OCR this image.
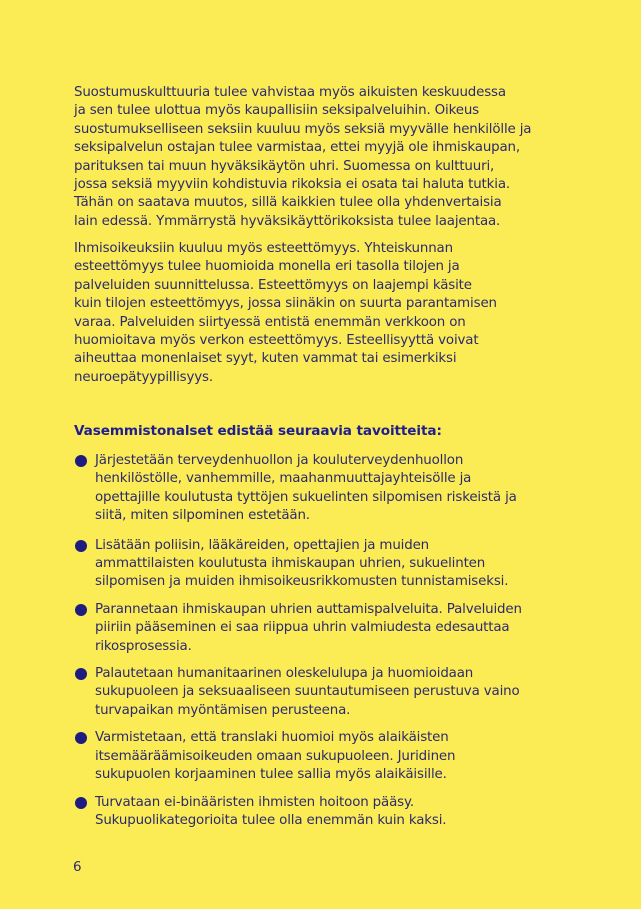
Suostumuskulttuuria tulee vahvistaa myös aikuisten keskuudessa
ja sen tulee ulottua myös kaupallisiin seksipalveluihin. Oikeus
suostumukselliseen seksiin kuuluu myös seksiä myyvälle henkilölle ja
seksipalvelun ostajan tulee varmistaa, ettei myyjä ole ihmiskaupan,
parituksen tai muun hyväksikäytön uhri. Suomessa on kulttuuri,
jossa seksiä myyviin kohdistuvia rikoksia ei osata tai haluta tutkia.
Tähän on saatava muutos, sillä kaikkien tulee olla yhdenvertaisia
lain edessä. Ymmärrystä hyväksikäyttörikoksista tulee laajentaa.
Ihmisoikeuksiin kuuluu myös esteettömyys. Yhteiskunnan
esteettömyys tulee huomioida monella eri tasolla tilojen ja
palveluiden suunnittelussa. Esteettömyys on laajempi käsite
kuin tilojen esteettömyys, jossa siinäkin on suurta parantamisen
varaa. Palveluiden siirtyessä entistä enemmän verkkoon on
huomioitava myös verkon esteettömyys. Esteellisyyttä voivat
aiheuttaa monenlaiset syyt, kuten vammat tai esimerkiksi
neuroepätyypillisyys.

Vasemmistonalset edistää seuraavia tavoitteita:

Järjestetään terveydenhuollon ja kouluterveydenhuollon
henkilöstölle, vanhemmille, maahanmuuttajayhteisölle ja
opettajille koulutusta tyttöjen sukuelinten silpomisen riskeistä ja
siitä, miten silpominen estetään.
Lisätään poliisin, lääkäreiden, opettajien ja muiden
ammattilaisten koulutusta ihmiskaupan uhrien, sukuelinten
silpomisen ja muiden ihmisoikeusrikkomusten tunnistamiseksi.
Parannetaan ihmiskaupan uhrien auttamispalveluita. Palveluiden
piiriin pääseminen ei saa riippua uhrin valmiudesta edesauttaa
rikosprosessia.
Palautetaan humanitaarinen oleskelulupa ja huomioidaan
sukupuoleen ja seksuaaliseen suuntautumiseen perustuva vaino
turvapaikan myöntämisen perusteena.
Varmistetaan, että translaki huomioi myös alaikäisten
itsemääräämisoikeuden omaan sukupuoleen. Juridinen
sukupuolen korjaaminen tulee sallia myös alaikäisille.
Turvataan ei-binääristen ihmisten hoitoon pääsy.
Sukupuolikategorioita tulee olla enemmän kuin kaksi.

6
